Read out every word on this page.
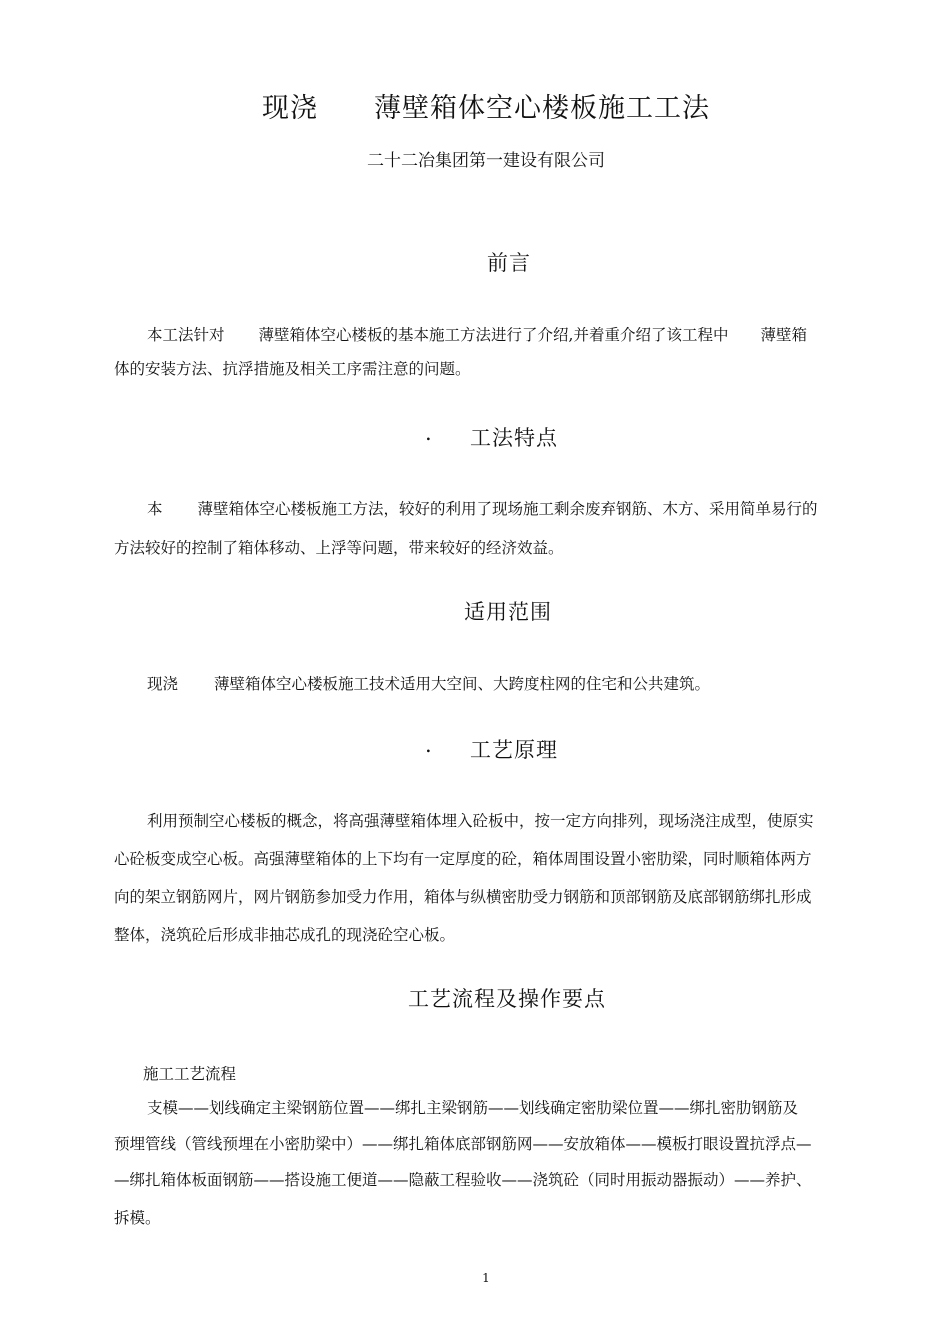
现浇 薄壁箱体空心楼板施工工法
二十二冶集团第一建设有限公司
前言
本工法针对 薄壁箱体空心楼板的基本施工方法进行了介绍,并着重介绍了该工程中 薄壁箱
体的安装方法、抗浮措施及相关工序需注意的问题。
. 工法特点
本 薄壁箱体空心楼板施工方法，较好的利用了现场施工剩余废弃钢筋、木方、采用简单易行的
方法较好的控制了箱体移动、上浮等问题，带来较好的经济效益。
适用范围
现浇 薄壁箱体空心楼板施工技术适用大空间、大跨度柱网的住宅和公共建筑。
. 工艺原理
利用预制空心楼板的概念，将高强薄壁箱体埋入砼板中，按一定方向排列，现场浇注成型，使原实
心砼板变成空心板。高强薄壁箱体的上下均有一定厚度的砼，箱体周围设置小密肋梁，同时顺箱体两方
向的架立钢筋网片，网片钢筋参加受力作用，箱体与纵横密肋受力钢筋和顶部钢筋及底部钢筋绑扎形成
整体，浇筑砼后形成非抽芯成孔的现浇砼空心板。
工艺流程及操作要点
施工工艺流程
支模——划线确定主梁钢筋位置——绑扎主梁钢筋——划线确定密肋梁位置——绑扎密肋钢筋及
预埋管线（管线预埋在小密肋梁中）——绑扎箱体底部钢筋网——安放箱体——模板打眼设置抗浮点—
—绑扎箱体板面钢筋——搭设施工便道——隐蔽工程验收——浇筑砼（同时用振动器振动）——养护、
拆模。
1
